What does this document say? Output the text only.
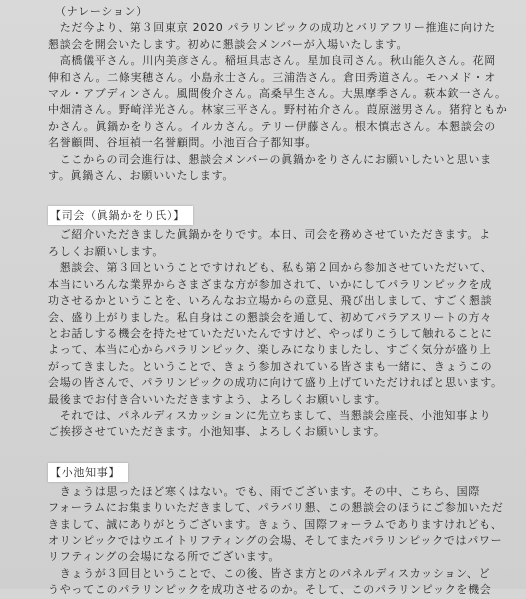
（ナレーション）

　ただ今より、第３回東京 2020 パラリンピックの成功とバリアフリー推進に向けた

懇談会を開会いたします。初めに懇談会メンバーが入場いたします。

　高橋儀平さん。川内美彦さん。稲垣具志さん。星加良司さん。秋山能久さん。花岡

伸和さん。二條実穂さん。小島永士さん。三浦浩さん。倉田秀道さん。モハメド・オ

マル・アブディンさん。風間俊介さん。高桑早生さん。大黒摩季さん。萩本欽一さん。

中畑清さん。野崎洋光さん。林家三平さん。野村祐介さん。葭原滋男さん。猪狩ともか

かさん。眞鍋かをりさん。イルカさん。テリー伊藤さん。根木慎志さん。本懇談会の

名誉顧問、谷垣禎一名誉顧問。小池百合子都知事。

　ここからの司会進行は、懇談会メンバーの眞鍋かをりさんにお願いしたいと思いま

す。眞鍋さん、お願いいたします。

【司会（眞鍋かをり氏）】

　ご紹介いただきました眞鍋かをりです。本日、司会を務めさせていただきます。よ

ろしくお願いします。

　懇談会、第３回ということですけれども、私も第２回から参加させていただいて、

本当にいろんな業界からさまざまな方が参加されて、いかにしてパラリンピックを成

功させるかということを、いろんなお立場からの意見、飛び出しまして、すごく懇談

会、盛り上がりました。私自身はこの懇談会を通して、初めてパラアスリートの方々

とお話しする機会を持たせていただいたんですけど、やっぱりこうして触れることに

よって、本当に心からパラリンピック、楽しみになりましたし、すごく気分が盛り上

がってきました。ということで、きょう参加されている皆さまも一緒に、きょうこの

会場の皆さんで、パラリンピックの成功に向けて盛り上げていただければと思います。

最後までお付き合いいただきますよう、よろしくお願いします。

　それでは、パネルディスカッションに先立ちまして、当懇談会座長、小池知事より

ご挨拶させていただきます。小池知事、よろしくお願いします。

【小池知事】

　きょうは思ったほど寒くはない。でも、雨でございます。その中、こちら、国際

フォーラムにお集まりいただきまして、パラバリ懇、この懇談会のほうにご参加いただ

きまして、誠にありがとうございます。きょう、国際フォーラムでありますけれども、

オリンピックではウエイトリフティングの会場、そしてまたパラリンピックではパワー

リフティングの会場になる所でございます。

　きょうが３回目ということで、この後、皆さま方とのパネルディスカッション、ど

うやってこのパラリンピックを成功させるのか。そして、このパラリンピックを機会
